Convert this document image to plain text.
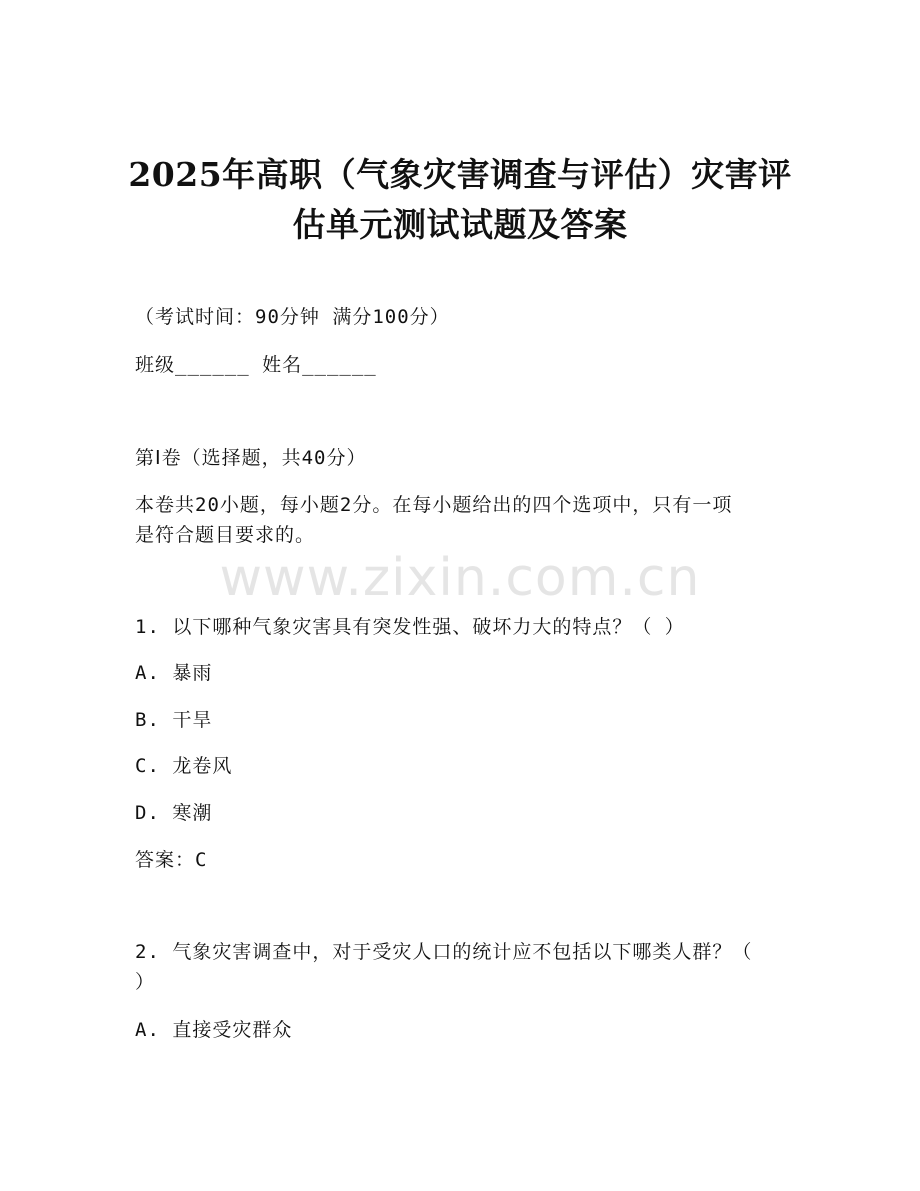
2025年高职（气象灾害调查与评估）灾害评
估单元测试试题及答案
（考试时间：90分钟 满分100分）
班级______ 姓名______
第Ⅰ卷（选择题，共40分）
本卷共20小题，每小题2分。在每小题给出的四个选项中，只有一项
是符合题目要求的。
www.zixin.com.cn
1. 以下哪种气象灾害具有突发性强、破坏力大的特点？（ ）
A. 暴雨
B. 干旱
C. 龙卷风
D. 寒潮
答案：C
2. 气象灾害调查中，对于受灾人口的统计应不包括以下哪类人群？（
）
A. 直接受灾群众
